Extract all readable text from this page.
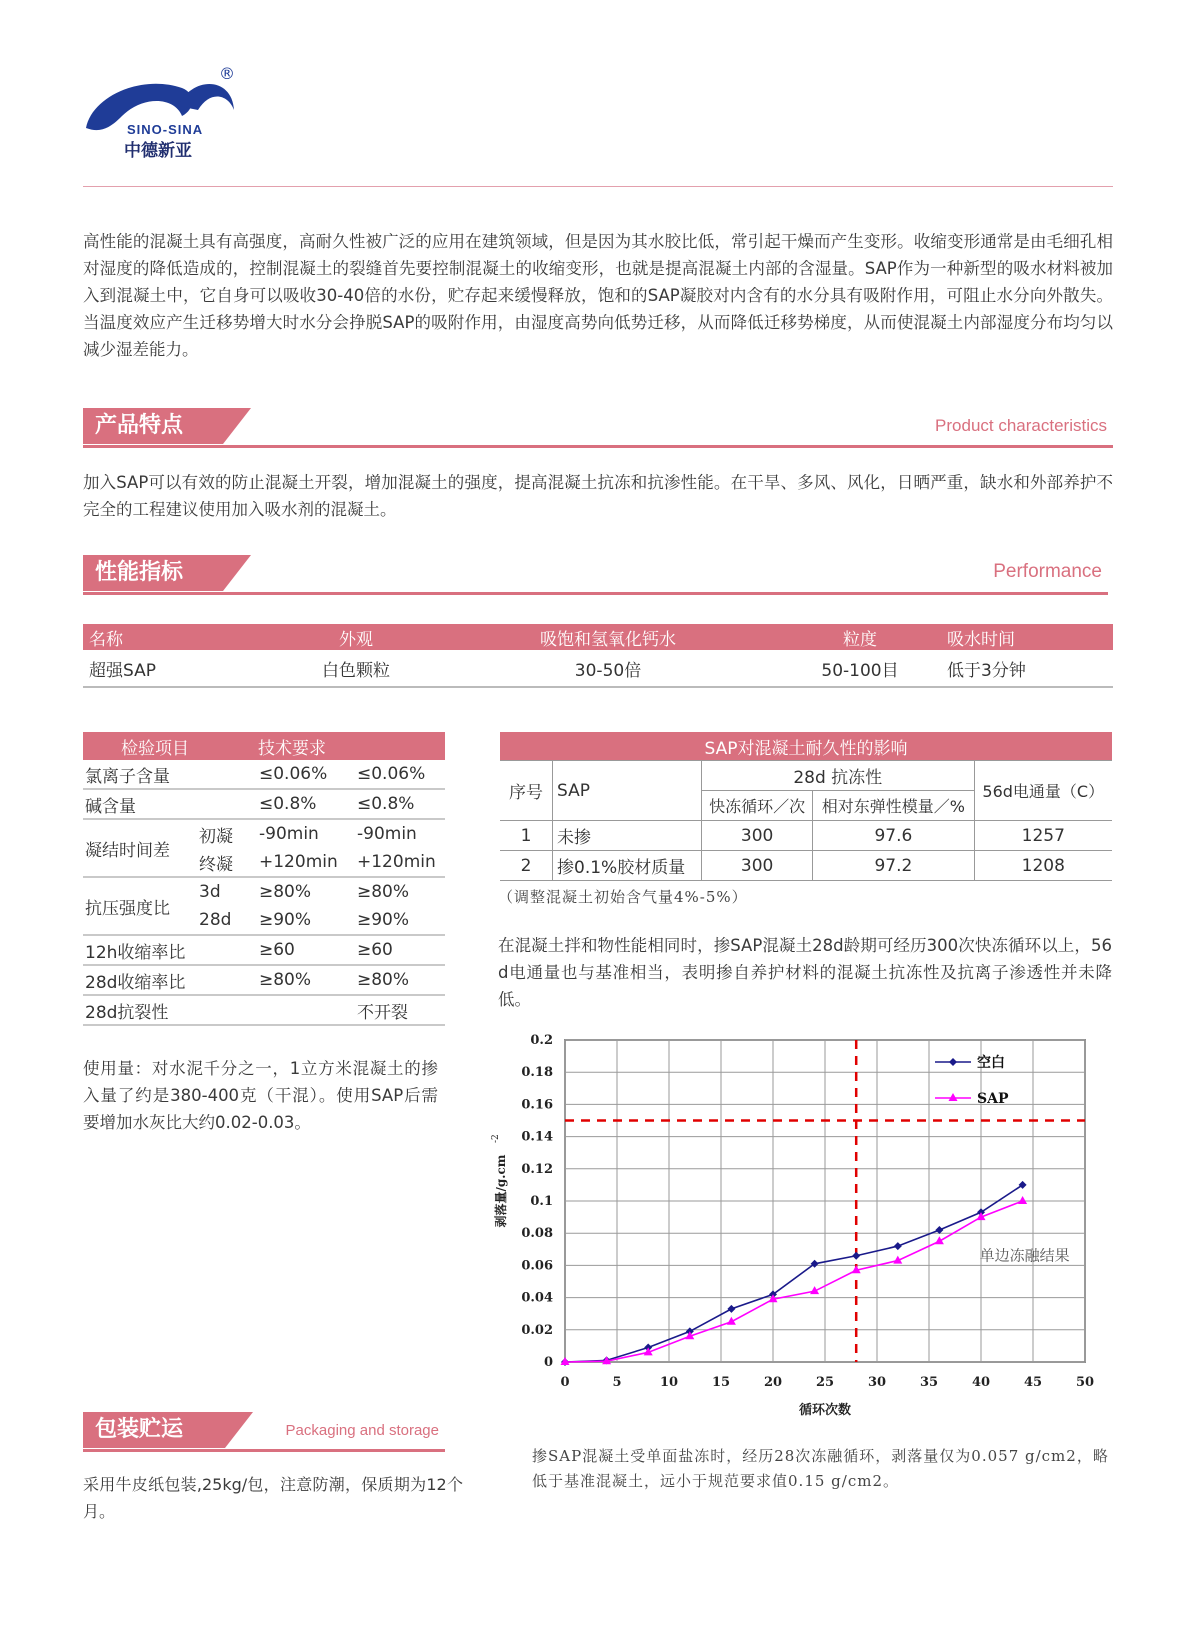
®
SINO-SINA
中德新亚
高性能的混凝土具有高强度，高耐久性被广泛的应用在建筑领域，但是因为其水胶比低，常引起干燥而产生变形。收缩变形通常是由毛细孔相对湿度的降低造成的，控制混凝土的裂缝首先要控制混凝土的收缩变形，也就是提高混凝土内部的含湿量。SAP作为一种新型的吸水材料被加入到混凝土中，它自身可以吸收30-40倍的水份，贮存起来缓慢释放，饱和的SAP凝胶对内含有的水分具有吸附作用，可阻止水分向外散失。当温度效应产生迁移势增大时水分会挣脱SAP的吸附作用，由湿度高势向低势迁移，从而降低迁移势梯度，从而使混凝土内部湿度分布均匀以减少湿差能力。
产品特点	Product characteristics
加入SAP可以有效的防止混凝土开裂，增加混凝土的强度，提高混凝土抗冻和抗渗性能。在干旱、多风、风化，日晒严重，缺水和外部养护不完全的工程建议使用加入吸水剂的混凝土。
性能指标	Performance
名称	外观	吸饱和氢氧化钙水	粒度	吸水时间
超强SAP	白色颗粒	30-50倍	50-100目	低于3分钟
检验项目		技术要求	
氯离子含量		≤0.06%	≤0.06%
碱含量		≤0.8%	≤0.8%
凝结时间差	初凝	-90min	-90min
	终凝	+120min	+120min
抗压强度比	3d	≥80%	≥80%
	28d	≥90%	≥90%
12h收缩率比		≥60	≥60
28d收缩率比		≥80%	≥80%
28d抗裂性			不开裂
使用量：对水泥千分之一，1立方米混凝土的掺入量了约是380-400克（干混）。使用SAP后需要增加水灰比大约0.02-0.03。
SAP对混凝土耐久性的影响				
序号	SAP	28d 抗冻性		56d电通量（C）
		快冻循环／次	相对东弹性模量／%	
1	未掺	300	97.6	1257
2	掺0.1%胶材质量	300	97.2	1208
（调整混凝土初始含气量4%-5%）
在混凝土拌和物性能相同时，掺SAP混凝土28d龄期可经历300次快冻循环以上，56 d电通量也与基准相当，表明掺自养护材料的混凝土抗冻性及抗离子渗透性并未降低。
0	5	10	15	20	25	30	35	40	45	50
0
0.02
0.04
0.06
0.08
0.1
0.12
0.14
0.16
0.18
0.2
空白
SAP
单边冻融结果
循环次数
剥落量/g.cm
-2
掺SAP混凝土受单面盐冻时，经历28次冻融循环，剥落量仅为0.057 g/cm2，略低于基准混凝土，远小于规范要求值0.15 g/cm2。
包装贮运	Packaging and storage
采用牛皮纸包装,25kg/包，注意防潮，保质期为12个月。
